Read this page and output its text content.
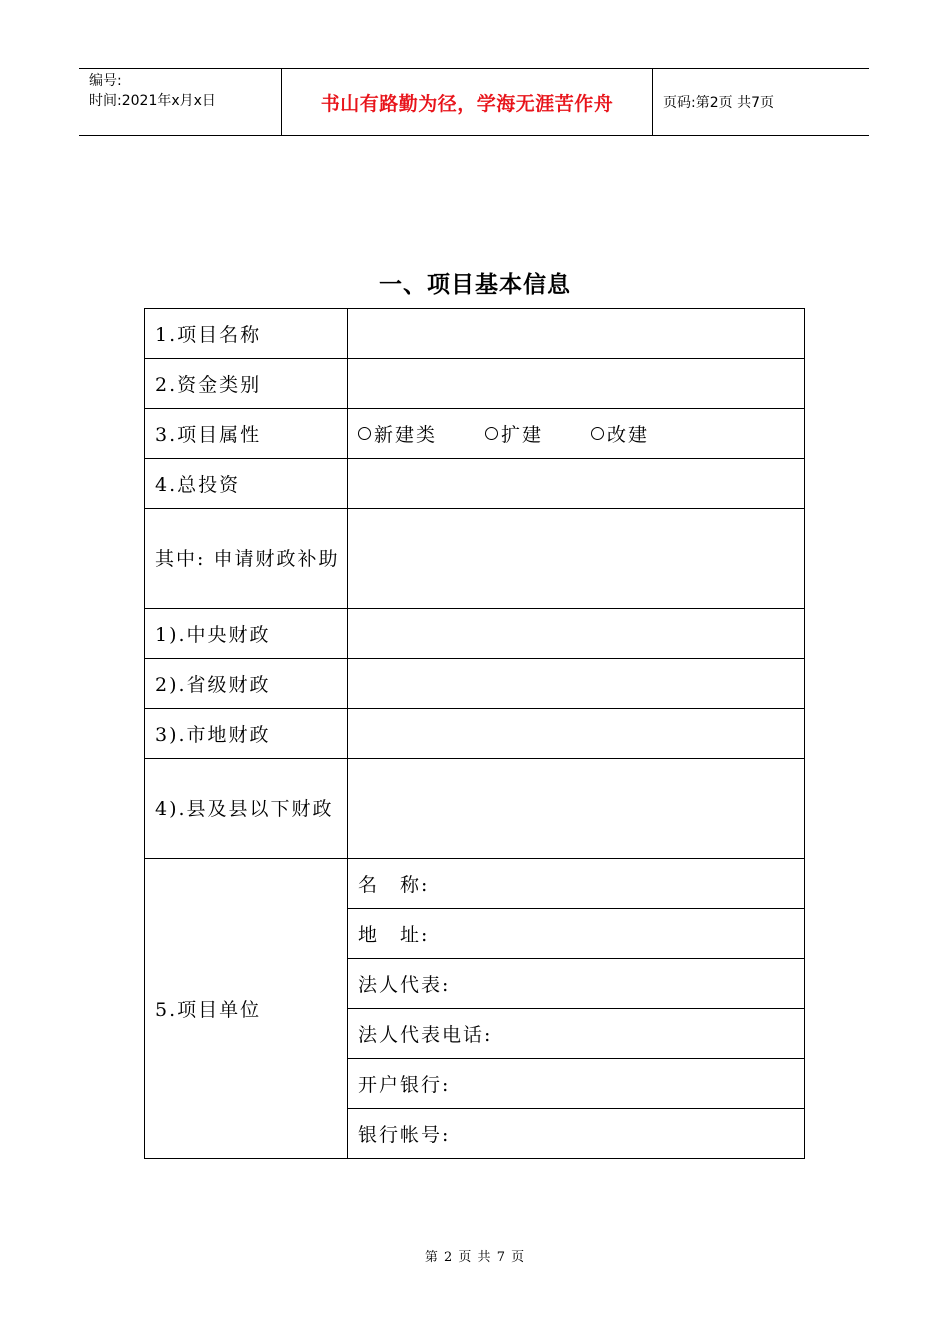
编号:
时间:2021年x月x日	书山有路勤为径，学海无涯苦作舟	页码:第2页 共7页
一、项目基本信息
1.项目名称	
2.资金类别	
3.项目属性	新建类 扩建 改建
4.总投资	
其中: 申请财政补助	
1).中央财政	
2).省级财政	
3).市地财政	
4).县及县以下财政	
5.项目单位	名　称:
	地　址:
	法人代表:
	法人代表电话:
	开户银行:
	银行帐号:
第 2 页 共 7 页
